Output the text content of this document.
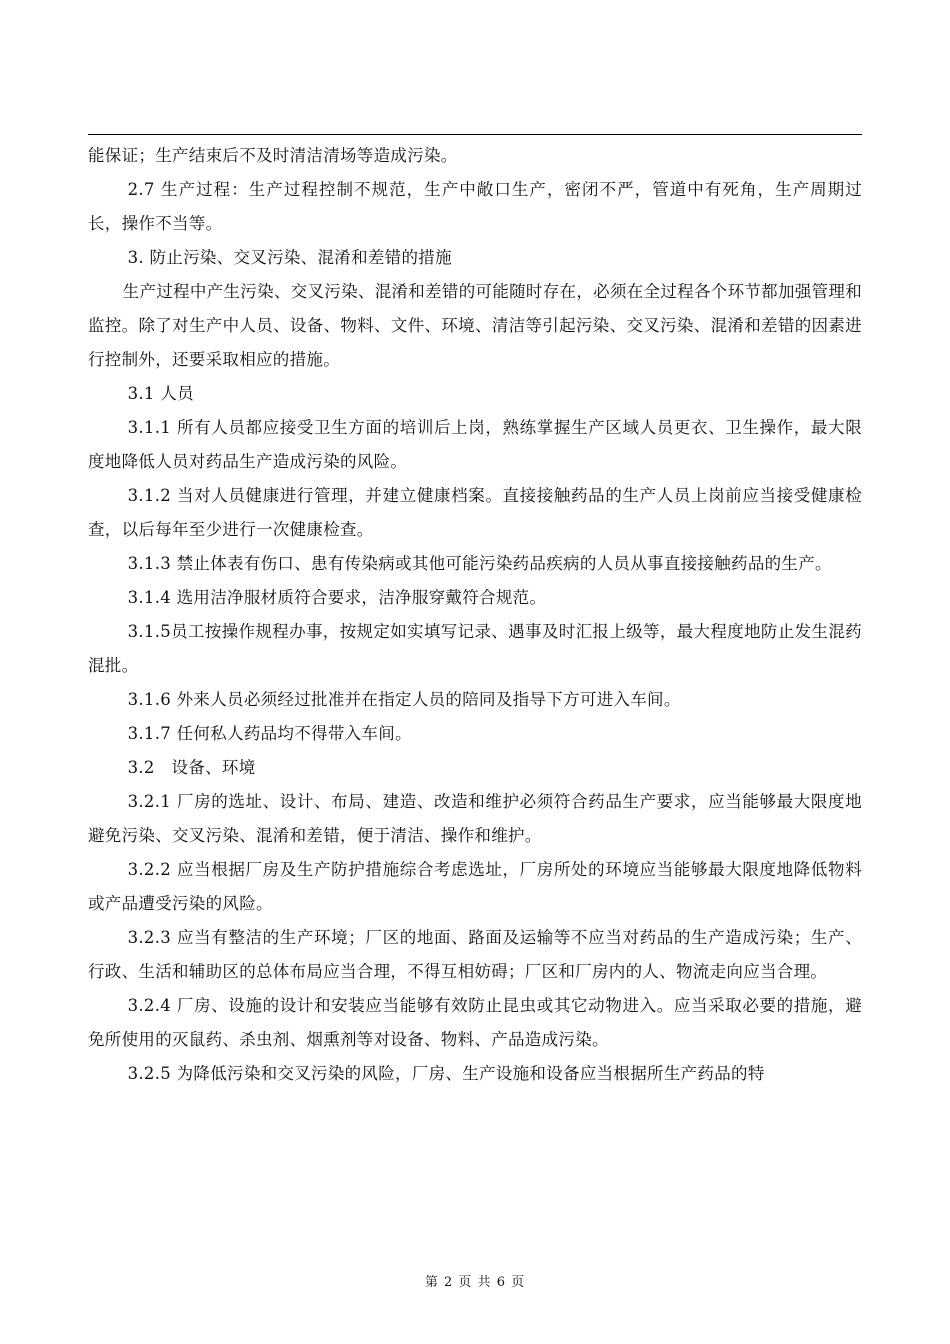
能保证；生产结束后不及时清洁清场等造成污染。

2.7 生产过程：生产过程控制不规范，生产中敞口生产，密闭不严，管道中有死角，生产周期过长，操作不当等。

3. 防止污染、交叉污染、混淆和差错的措施

生产过程中产生污染、交叉污染、混淆和差错的可能随时存在，必须在全过程各个环节都加强管理和监控。除了对生产中人员、设备、物料、文件、环境、清洁等引起污染、交叉污染、混淆和差错的因素进行控制外，还要采取相应的措施。

3.1 人员

3.1.1 所有人员都应接受卫生方面的培训后上岗，熟练掌握生产区域人员更衣、卫生操作，最大限度地降低人员对药品生产造成污染的风险。

3.1.2 当对人员健康进行管理，并建立健康档案。直接接触药品的生产人员上岗前应当接受健康检查，以后每年至少进行一次健康检查。

3.1.3 禁止体表有伤口、患有传染病或其他可能污染药品疾病的人员从事直接接触药品的生产。

3.1.4 选用洁净服材质符合要求，洁净服穿戴符合规范。

3.1.5员工按操作规程办事，按规定如实填写记录、遇事及时汇报上级等，最大程度地防止发生混药混批。

3.1.6 外来人员必须经过批准并在指定人员的陪同及指导下方可进入车间。

3.1.7 任何私人药品均不得带入车间。

3.2　设备、环境

3.2.1 厂房的选址、设计、布局、建造、改造和维护必须符合药品生产要求，应当能够最大限度地避免污染、交叉污染、混淆和差错，便于清洁、操作和维护。

3.2.2 应当根据厂房及生产防护措施综合考虑选址，厂房所处的环境应当能够最大限度地降低物料或产品遭受污染的风险。

3.2.3 应当有整洁的生产环境；厂区的地面、路面及运输等不应当对药品的生产造成污染；生产、行政、生活和辅助区的总体布局应当合理，不得互相妨碍；厂区和厂房内的人、物流走向应当合理。

3.2.4 厂房、设施的设计和安装应当能够有效防止昆虫或其它动物进入。应当采取必要的措施，避免所使用的灭鼠药、杀虫剂、烟熏剂等对设备、物料、产品造成污染。

3.2.5 为降低污染和交叉污染的风险，厂房、生产设施和设备应当根据所生产药品的特

第 2 页 共 6 页
